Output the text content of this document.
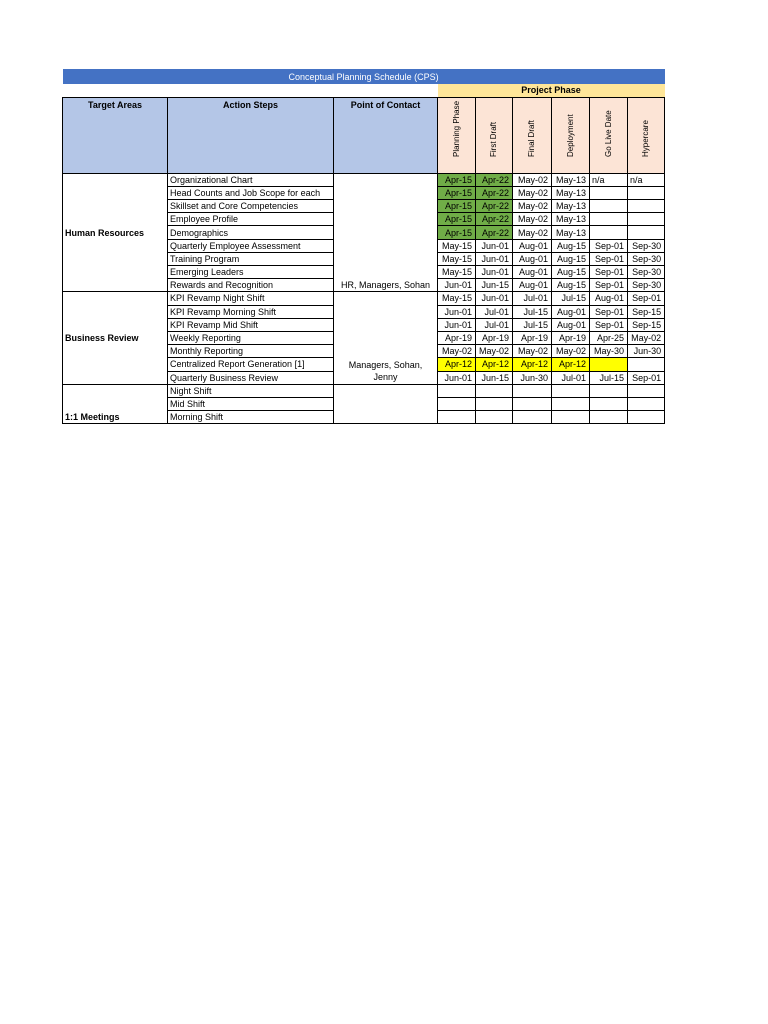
Conceptual Planning Schedule (CPS)								
			Project Phase					
Target Areas	Action Steps	Point of Contact	Planning Phase	First Draft	Final Draft	Deployment	Go Live Date	Hypercare

Human Resources	Organizational Chart	HR, Managers, Sohan	Apr-15	Apr-22	May-02	May-13	n/a	n/a
	Head Counts and Job Scope for each		Apr-15	Apr-22	May-02	May-13		
	Skillset and Core Competencies		Apr-15	Apr-22	May-02	May-13		
	Employee Profile		Apr-15	Apr-22	May-02	May-13		
	Demographics		Apr-15	Apr-22	May-02	May-13		
	Quarterly Employee Assessment		May-15	Jun-01	Aug-01	Aug-15	Sep-01	Sep-30
	Training Program		May-15	Jun-01	Aug-01	Aug-15	Sep-01	Sep-30
	Emerging Leaders		May-15	Jun-01	Aug-01	Aug-15	Sep-01	Sep-30
	Rewards and Recognition		Jun-01	Jun-15	Aug-01	Aug-15	Sep-01	Sep-30
Business Review	KPI Revamp Night Shift	Managers, Sohan, Jenny	May-15	Jun-01	Jul-01	Jul-15	Aug-01	Sep-01
	KPI Revamp Morning Shift		Jun-01	Jul-01	Jul-15	Aug-01	Sep-01	Sep-15
	KPI Revamp Mid Shift		Jun-01	Jul-01	Jul-15	Aug-01	Sep-01	Sep-15
	Weekly Reporting		Apr-19	Apr-19	Apr-19	Apr-19	Apr-25	May-02
	Monthly Reporting		May-02	May-02	May-02	May-02	May-30	Jun-30
	Centralized Report Generation [1]		Apr-12	Apr-12	Apr-12	Apr-12		
	Quarterly Business Review		Jun-01	Jun-15	Jun-30	Jul-01	Jul-15	Sep-01
1:1 Meetings	Night Shift							
	Mid Shift							
	Morning Shift							
